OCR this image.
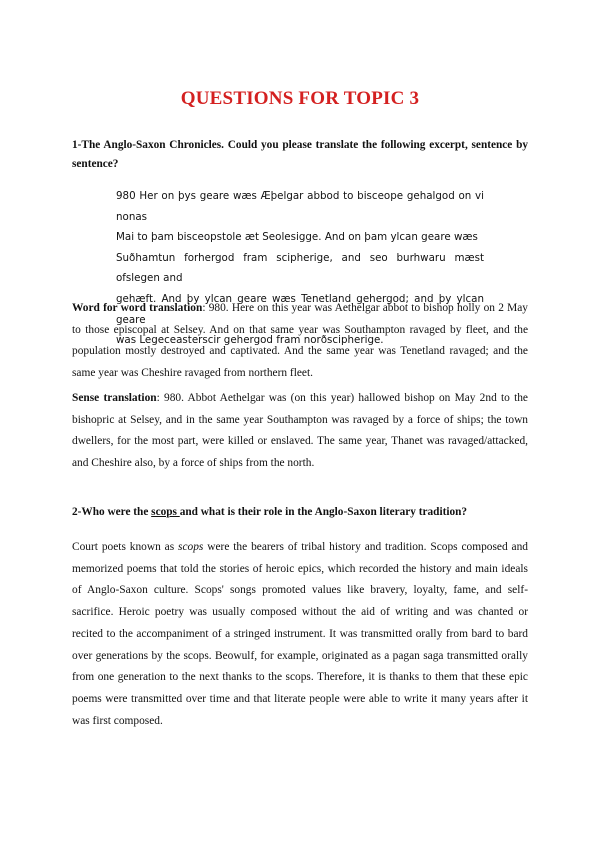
QUESTIONS FOR TOPIC 3
1-The Anglo-Saxon Chronicles. Could you please translate the following excerpt, sentence by sentence?

980 Her on þys geare wæs Æþelgar abbod to bisceope gehalgod on vi nonas

Mai to þam bisceopstole æt Seolesigge. And on þam ylcan geare wæs

Suðhamtun forhergod fram scipherige, and seo burhwaru mæst ofslegen and

gehæft. And þy ylcan geare wæs Tenetland gehergod; and þy ylcan geare

was Legeceasterscir gehergod fram norðscipherige.

Word for word translation: 980. Here on this year was Aethelgar abbot to bishop holly on 2 May to those episcopal at Selsey. And on that same year was Southampton ravaged by fleet, and the population mostly destroyed and captivated. And the same year was Tenetland ravaged; and the same year was Cheshire ravaged from northern fleet.
Sense translation: 980. Abbot Aethelgar was (on this year) hallowed bishop on May 2nd to the bishopric at Selsey, and in the same year Southampton was ravaged by a force of ships; the town dwellers, for the most part, were killed or enslaved. The same year, Thanet was ravaged/attacked, and Cheshire also, by a force of ships from the north.
2-Who were the scops and what is their role in the Anglo-Saxon literary tradition?
Court poets known as scops were the bearers of tribal history and tradition. Scops composed and memorized poems that told the stories of heroic epics, which recorded the history and main ideals of Anglo-Saxon culture. Scops' songs promoted values like bravery, loyalty, fame, and self-sacrifice. Heroic poetry was usually composed without the aid of writing and was chanted or recited to the accompaniment of a stringed instrument. It was transmitted orally from bard to bard over generations by the scops. Beowulf, for example, originated as a pagan saga transmitted orally from one generation to the next thanks to the scops. Therefore, it is thanks to them that these epic poems were transmitted over time and that literate people were able to write it many years after it was first composed.
